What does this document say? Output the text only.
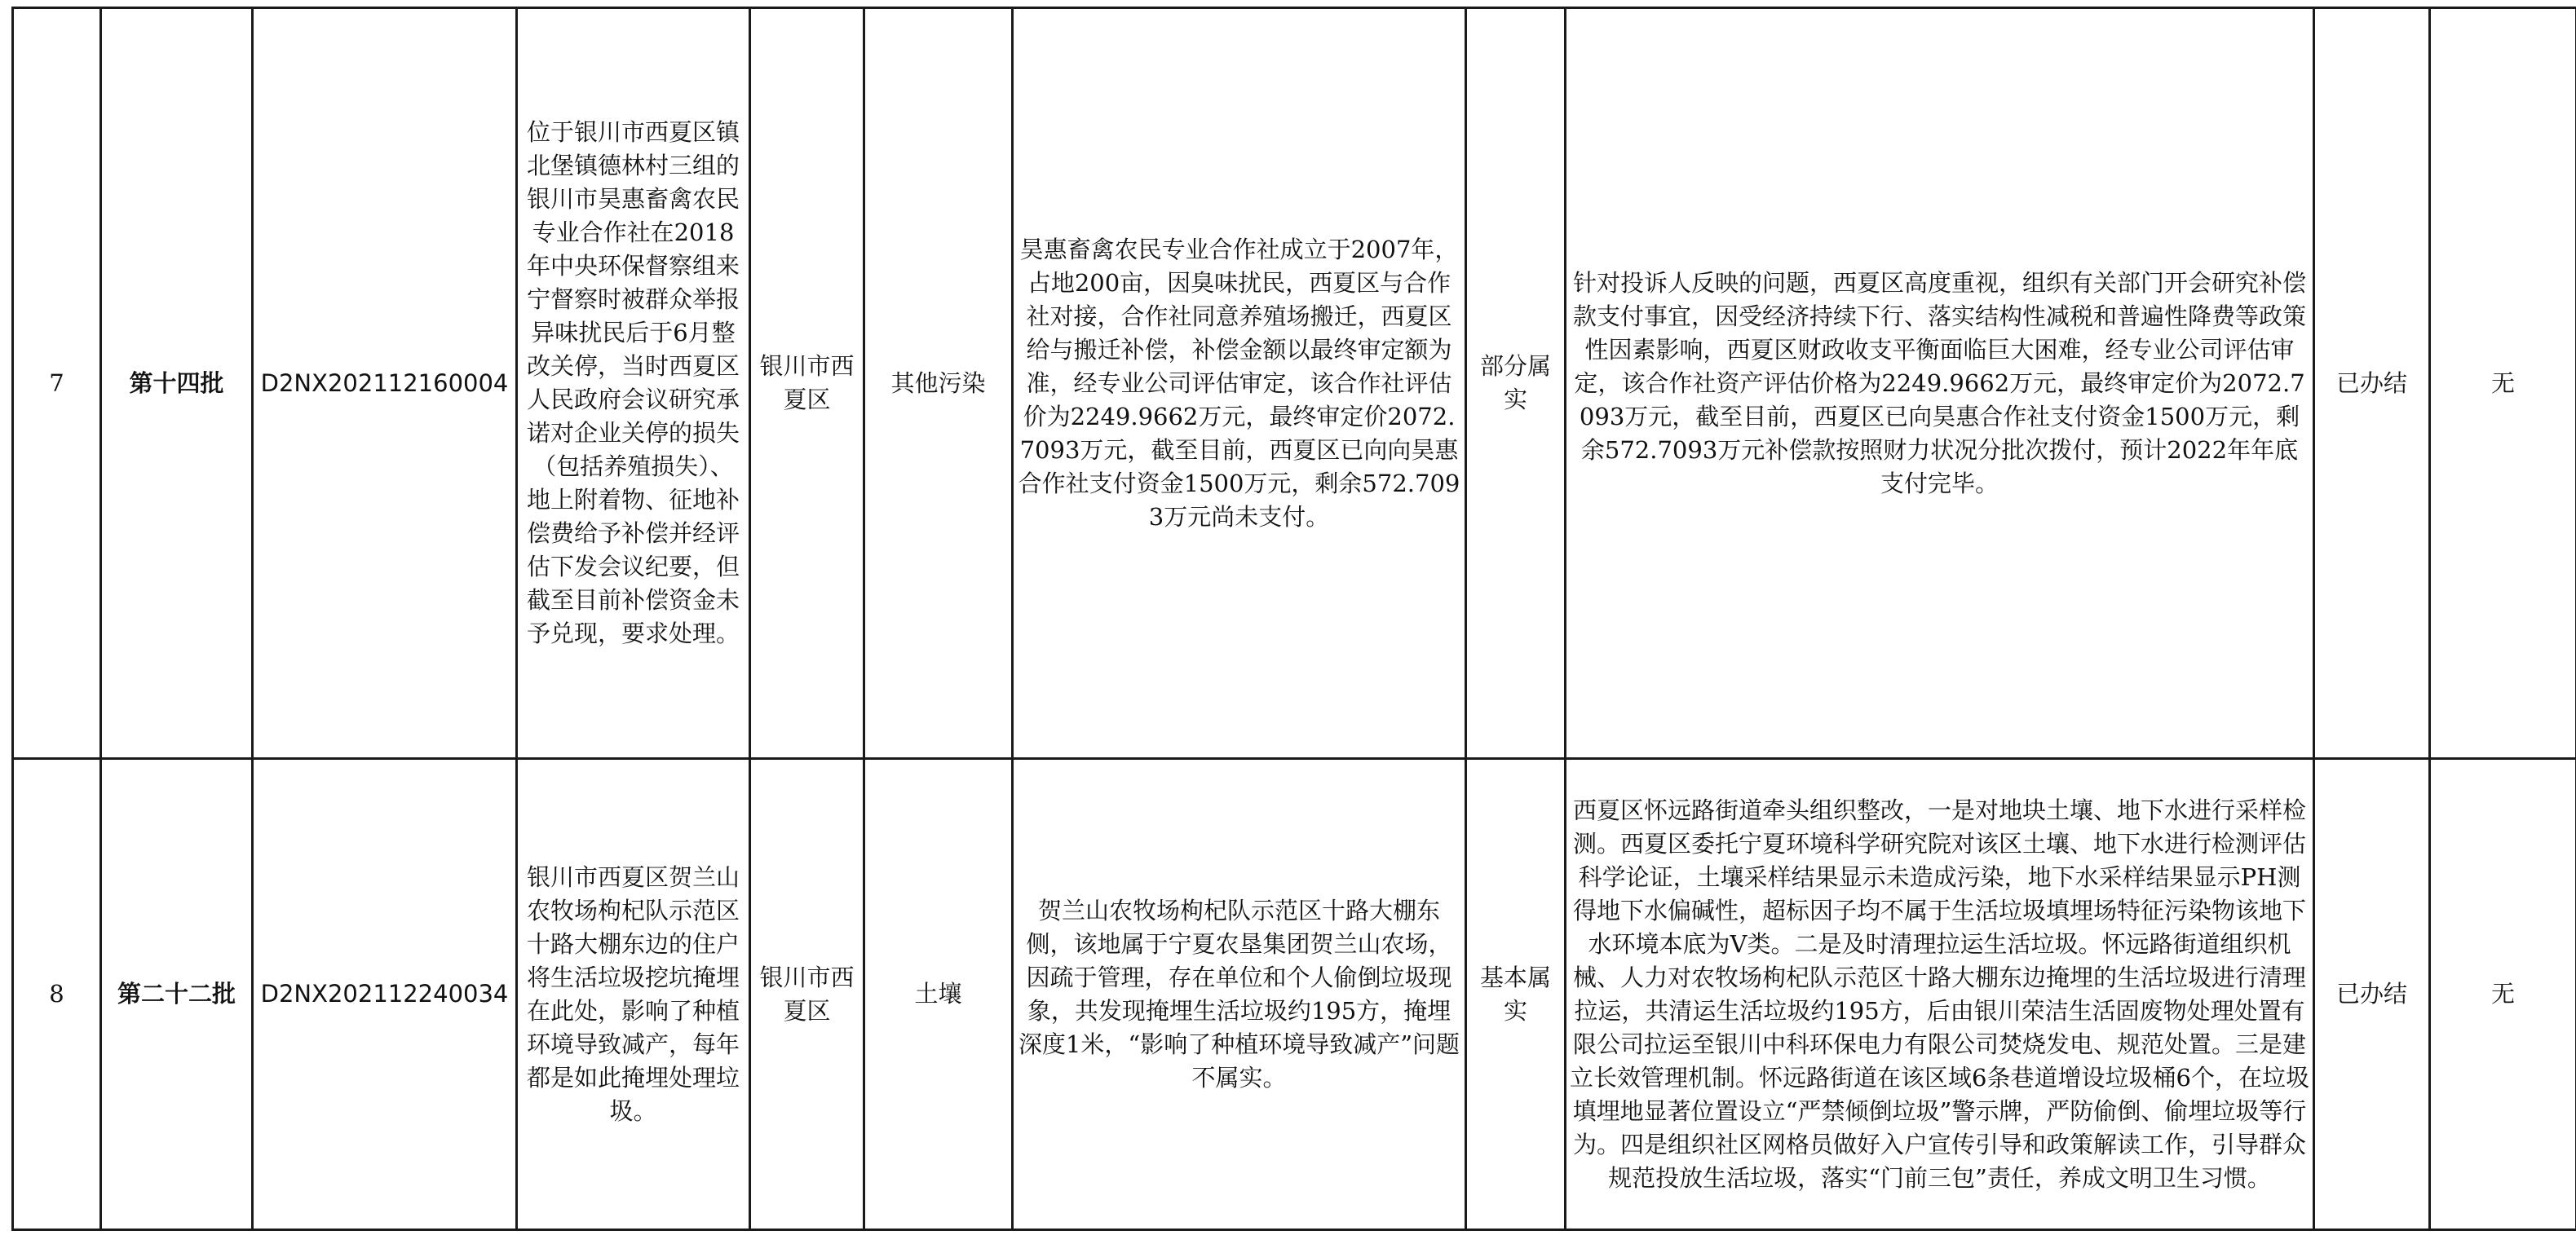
7	第十四批	D2NX202112160004	位于银川市西夏区镇北堡镇德林村三组的银川市昊惠畜禽农民专业合作社在2018年中央环保督察组来宁督察时被群众举报异味扰民后于6月整改关停，当时西夏区人民政府会议研究承诺对企业关停的损失（包括养殖损失）、地上附着物、征地补偿费给予补偿并经评估下发会议纪要，但截至目前补偿资金未予兑现，要求处理。	银川市西夏区	其他污染	昊惠畜禽农民专业合作社成立于2007年，占地200亩，因臭味扰民，西夏区与合作社对接，合作社同意养殖场搬迁，西夏区给与搬迁补偿，补偿金额以最终审定额为准，经专业公司评估审定，该合作社评估价为2249.9662万元，最终审定价2072.7093万元，截至目前，西夏区已向向昊惠合作社支付资金1500万元，剩余572.7093万元尚未支付。	部分属实	针对投诉人反映的问题，西夏区高度重视，组织有关部门开会研究补偿款支付事宜，因受经济持续下行、落实结构性减税和普遍性降费等政策性因素影响，西夏区财政收支平衡面临巨大困难，经专业公司评估审定，该合作社资产评估价格为2249.9662万元，最终审定价为2072.7093万元，截至目前，西夏区已向昊惠合作社支付资金1500万元，剩余572.7093万元补偿款按照财力状况分批次拨付，预计2022年年底支付完毕。	已办结	无
8	第二十二批	D2NX202112240034	银川市西夏区贺兰山农牧场枸杞队示范区十路大棚东边的住户将生活垃圾挖坑掩埋在此处，影响了种植环境导致减产，每年都是如此掩埋处理垃圾。	银川市西夏区	土壤	贺兰山农牧场枸杞队示范区十路大棚东侧，该地属于宁夏农垦集团贺兰山农场，因疏于管理，存在单位和个人偷倒垃圾现象，共发现掩埋生活垃圾约195方，掩埋深度1米，“影响了种植环境导致减产”问题不属实。	基本属实	西夏区怀远路街道牵头组织整改，一是对地块土壤、地下水进行采样检测。西夏区委托宁夏环境科学研究院对该区土壤、地下水进行检测评估科学论证，土壤采样结果显示未造成污染，地下水采样结果显示PH测得地下水偏碱性，超标因子均不属于生活垃圾填埋场特征污染物该地下水环境本底为Ⅴ类。二是及时清理拉运生活垃圾。怀远路街道组织机械、人力对农牧场枸杞队示范区十路大棚东边掩埋的生活垃圾进行清理拉运，共清运生活垃圾约195方，后由银川荣洁生活固废物处理处置有限公司拉运至银川中科环保电力有限公司焚烧发电、规范处置。三是建立长效管理机制。怀远路街道在该区域6条巷道增设垃圾桶6个，在垃圾填埋地显著位置设立“严禁倾倒垃圾”警示牌，严防偷倒、偷埋垃圾等行为。四是组织社区网格员做好入户宣传引导和政策解读工作，引导群众规范投放生活垃圾，落实“门前三包”责任，养成文明卫生习惯。	已办结	无
